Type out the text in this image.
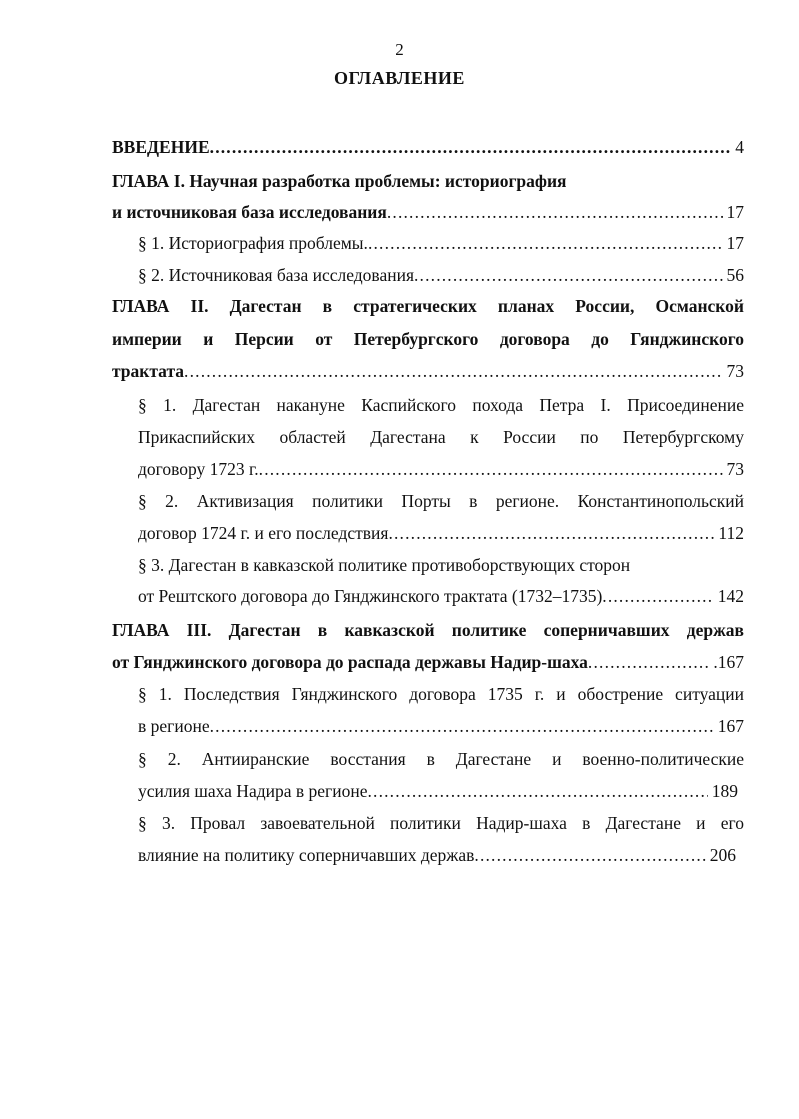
2
ОГЛАВЛЕНИЕ
ВВЕДЕНИЕ . . .	4
ГЛАВА I. Научная разработка проблемы: историография
и источниковая база исследования . . .	17
§ 1. Историография проблемы. . . .	17
§ 2. Источниковая база исследования . . .	56
ГЛАВА II. Дагестан в стратегических планах России, Османской
империи и Персии от Петербургского договора до Гянджинского
трактата . . .	73
§ 1. Дагестан накануне Каспийского похода Петра I. Присоединение
Прикаспийских областей Дагестана к России по Петербургскому
договору 1723 г. . . .	73
§ 2. Активизация политики Порты в регионе. Константинопольский
договор 1724 г. и его последствия . . .	112
§ 3. Дагестан в кавказской политике противоборствующих сторон
от Рештского договора до Гянджинского трактата (1732–1735) . . .	142
ГЛАВА III. Дагестан в кавказской политике соперничавших держав
от Гянджинского договора до распада державы Надир-шаха . . .	.167
§ 1. Последствия Гянджинского договора 1735 г. и обострение ситуации
в регионе . . .	167
§ 2. Антииранские восстания в Дагестане и военно-политические
усилия шаха Надира в регионе . . .	189
§ 3. Провал завоевательной политики Надир-шаха в Дагестане и его
влияние на политику соперничавших держав . . .	206
